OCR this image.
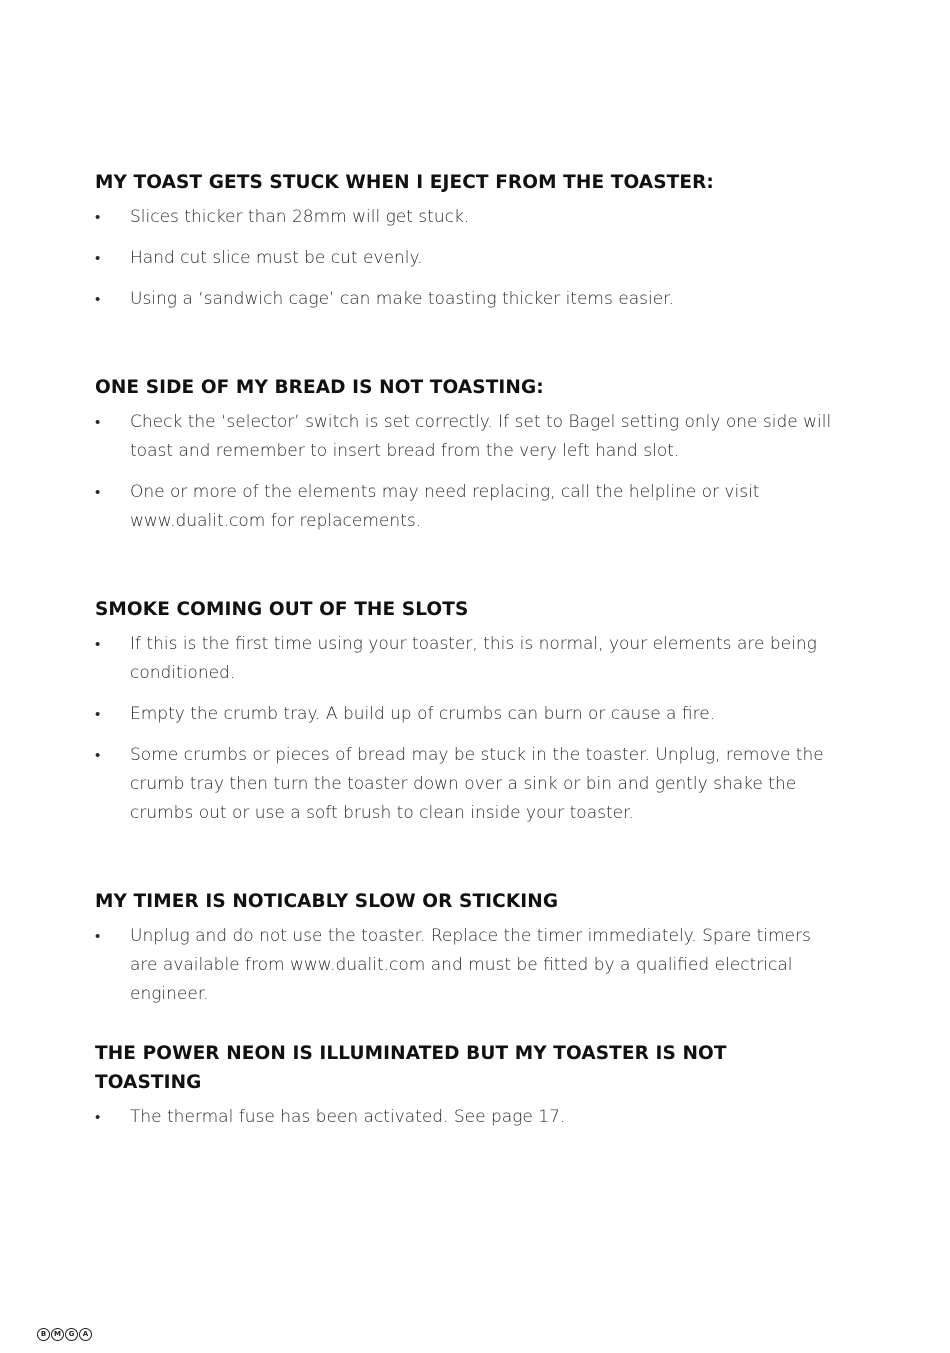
MY TOAST GETS STUCK WHEN I EJECT FROM THE TOASTER:
•	Slices thicker than 28mm will get stuck.
•	Hand cut slice must be cut evenly.
•	Using a ‘sandwich cage’ can make toasting thicker items easier.
ONE SIDE OF MY BREAD IS NOT TOASTING:
•	Check the ‘selector’ switch is set correctly. If set to Bagel setting only one side will toast and remember to insert bread from the very left hand slot.
•	One or more of the elements may need replacing, call the helpline or visit www.dualit.com for replacements.
SMOKE COMING OUT OF THE SLOTS
•	If this is the first time using your toaster, this is normal, your elements are being conditioned.
•	Empty the crumb tray. A build up of crumbs can burn or cause a fire.
•	Some crumbs or pieces of bread may be stuck in the toaster. Unplug, remove the crumb tray then turn the toaster down over a sink or bin and gently shake the crumbs out or use a soft brush to clean inside your toaster.
MY TIMER IS NOTICABLY SLOW OR STICKING
•	Unplug and do not use the toaster. Replace the timer immediately. Spare timers are available from www.dualit.com and must be fitted by a qualified electrical engineer.
THE POWER NEON IS ILLUMINATED BUT MY TOASTER IS NOT TOASTING
•	The thermal fuse has been activated. See page 17.
B	M	G	A
